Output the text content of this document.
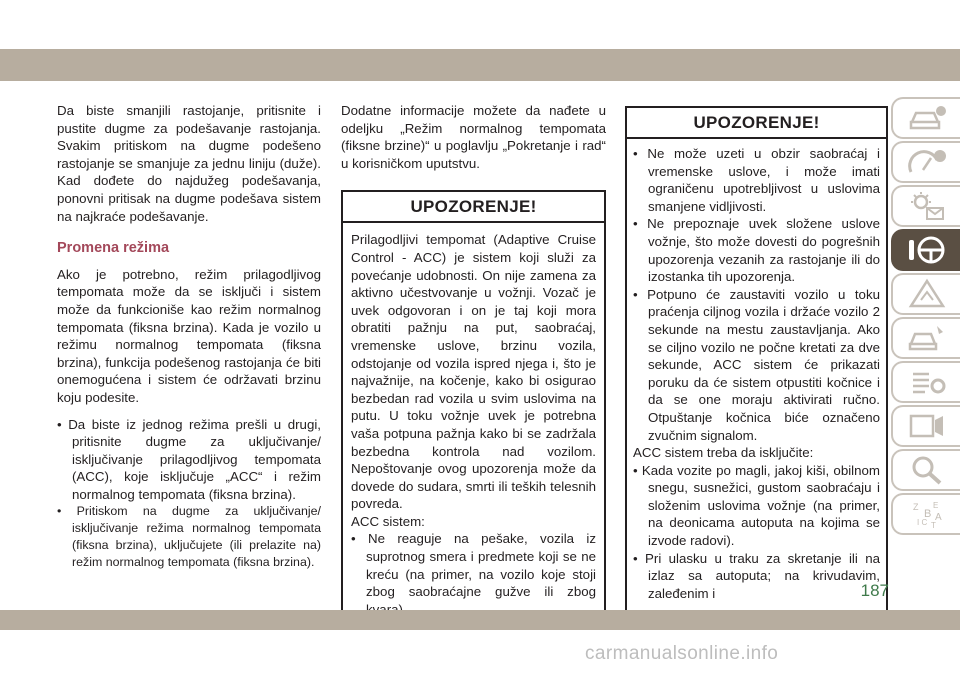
Da biste smanjili rastojanje, pritisnite i pustite dugme za podešavanje rastojanja. Svakim pritiskom na dugme podešeno rastojanje se smanjuje za jednu liniju (duže). Kad dođete do najdužeg podešavanja, ponovni pritisak na dugme podešava sistem na najkraće podešavanje.

Promena režima

Ako je potrebno, režim prilagodljivog tempomata može da se isključi i sistem može da funkcioniše kao režim normalnog tempomata (fiksna brzina). Kada je vozilo u režimu normalnog tempomata (fiksna brzina), funkcija podešenog rastojanja će biti onemogućena i sistem će održavati brzinu koju podesite.

• Da biste iz jednog režima prešli u drugi, pritisnite dugme za uključivanje/ isključivanje prilagodljivog tempomata (ACC), koje isključuje „ACC“ i režim normalnog tempomata (fiksna brzina).

• Pritiskom na dugme za uključivanje/ isključivanje režima normalnog tempomata (fiksna brzina), uključujete (ili prelazite na) režim normalnog tempomata (fiksna brzina).

Dodatne informacije možete da nađete u odeljku „Režim normalnog tempomata (fiksne brzine)“ u poglavlju „Pokretanje i rad“ u korisničkom uputstvu.

UPOZORENJE!

Prilagodljivi tempomat (Adaptive Cruise Control - ACC) je sistem koji služi za povećanje udobnosti. On nije zamena za aktivno učestvovanje u vožnji. Vozač je uvek odgovoran i on je taj koji mora obratiti pažnju na put, saobraćaj, vremenske uslove, brzinu vozila, odstojanje od vozila ispred njega i, što je najvažnije, na kočenje, kako bi osigurao bezbedan rad vozila u svim uslovima na putu. U toku vožnje uvek je potrebna vaša potpuna pažnja kako bi se zadržala bezbedna kontrola nad vozilom. Nepoštovanje ovog upozorenja može da dovede do sudara, smrti ili teških telesnih povreda.

ACC sistem:

• Ne reaguje na pešake, vozila iz suprotnog smera i predmete koji se ne kreću (na primer, na vozilo koje stoji zbog saobraćajne gužve ili zbog

UPOZORENJE!

• Ne može uzeti u obzir saobraćaj i vremenske uslove, i može imati ograničenu upotrebljivost u uslovima smanjene vidljivosti.

• Ne prepoznaje uvek složene uslove vožnje, što može dovesti do pogrešnih upozorenja vezanih za rastojanje ili do izostanka tih upozorenja.

• Potpuno će zaustaviti vozilo u toku praćenja ciljnog vozila i držaće vozilo 2 sekunde na mestu zaustavljanja. Ako se ciljno vozilo ne počne kretati za dve sekunde, ACC sistem će prikazati poruku da će sistem otpustiti kočnice i da se one moraju aktivirati ručno. Otpuštanje kočnica biće označeno zvučnim signalom.

ACC sistem treba da isključite:

• Kada vozite po magli, jakoj kiši, obilnom snegu, susnežici, gustom saobraćaju i složenim uslovima vožnje (na primer, na deonicama autoputa na kojima se izvode radovi).

• Pri ulasku u traku za skretanje ili na izlaz sa autoputa; na krivudavim, zaleđenim i

Z E
B A
I C T
187
carmanualsonline.info
